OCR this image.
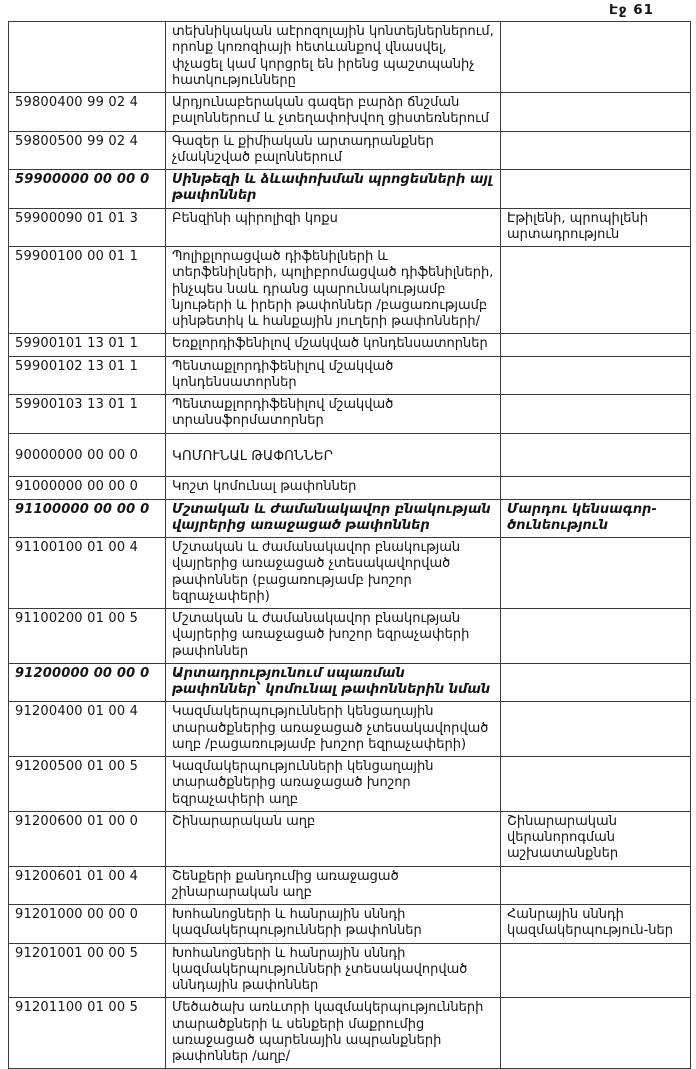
Էջ 61
	տեխնիկական աէրոզոլային կոնտեյներներում, որոնք կոռոզիայի հետևանքով վնասվել, փչացել կամ կորցրել են իրենց պաշտպանիչ հատկությունները	
59800400 99 02 4	Արդյունաբերական գազեր բարձր ճնշման բալոններում և չտեղափոխվող ցիստեռներում	
59800500 99 02 4	Գազեր և քիմիական արտադրանքներ չմակնշված բալոններում	
59900000 00 00 0	Սինթեզի և ձևափոխման պրոցեսների այլ թափոններ	
59900090 01 01 3	Բենզինի պիրոլիզի կոքս	Էթիլենի, պրոպիլենի արտադրություն
59900100 00 01 1	Պոլիքլորացված դիֆենիլների և տերֆենիլների, պոլիբրոմացված դիֆենիլների, ինչպես նաև դրանց պարունակությամբ նյութերի և իրերի թափոններ /բացառությամբ սինթետիկ և հանքային յուղերի թափոնների/	
59900101 13 01 1	Եռքլորդիֆենիլով մշակված կոնդենսատորներ	
59900102 13 01 1	Պենտաքլորդիֆենիլով մշակված կոնդենսատորներ	
59900103 13 01 1	Պենտաքլորդիֆենիլով մշակված տրանսֆորմատորներ	
90000000 00 00 0	ԿՈՄՈՒՆԱԼ ԹԱՓՈՆՆԵՐ	
91000000 00 00 0	Կոշտ կոմունալ թափոններ	
91100000 00 00 0	Մշտական և ժամանակավոր բնակության վայրերից առաջացած թափոններ	Մարդու կենսագոր-ծունեություն
91100100 01 00 4	Մշտական և ժամանակավոր բնակության վայրերից առաջացած չտեսակավորված թափոններ (բացառությամբ խոշոր եզրաչափերի)	
91100200 01 00 5	Մշտական և ժամանակավոր բնակության վայրերից առաջացած խոշոր եզրաչափերի թափոններ	
91200000 00 00 0	Արտադրությունում սպառման թափոններ՝ կոմունալ թափոններին նման	
91200400 01 00 4	Կազմակերպությունների կենցաղային տարածքներից առաջացած չտեսակավորված աղբ /բացառությամբ խոշոր եզրաչափերի)	
91200500 01 00 5	Կազմակերպությունների կենցաղային տարածքներից առաջացած խոշոր եզրաչափերի աղբ	
91200600 01 00 0	Շինարարական աղբ	Շինարարական վերանորոգման աշխատանքներ
91200601 01 00 4	Շենքերի քանդումից առաջացած շինարարական աղբ	
91201000 00 00 0	Խոհանոցների և հանրային սննդի կազմակերպությունների թափոններ	Հանրային սննդի կազմակերպություն-ներ
91201001 00 00 5	Խոհանոցների և հանրային սննդի կազմակերպությունների չտեսակավորված սննդային թափոններ	
91201100 01 00 5	Մեծածախ առևտրի կազմակերպությունների տարածքների և սենքերի մաքրումից առաջացած պարենային ապրանքների թափոններ /աղբ/	
